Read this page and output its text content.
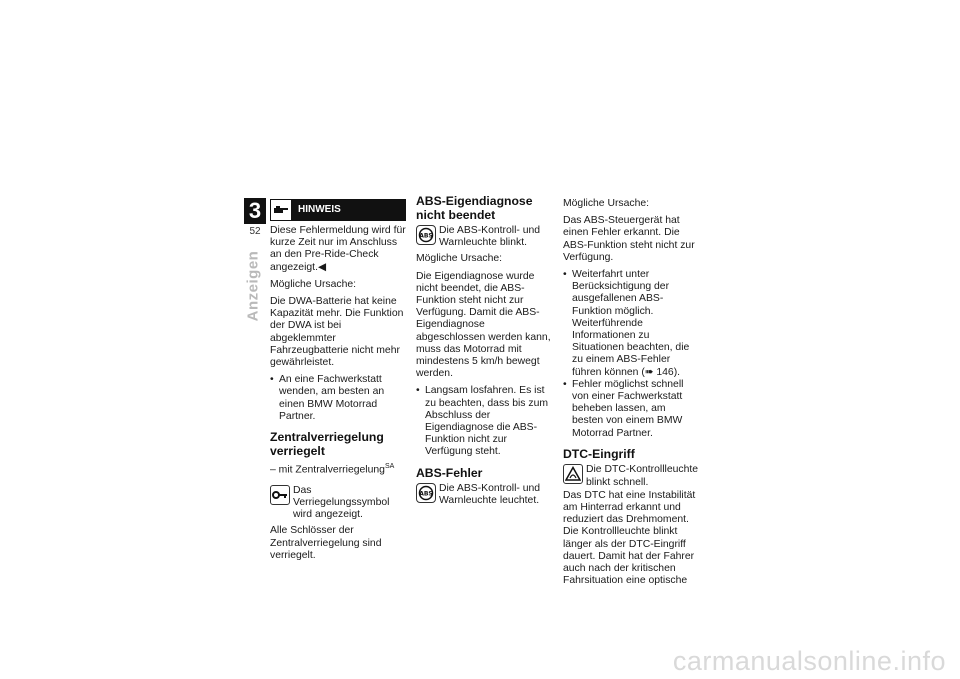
3
52
Anzeigen
HINWEIS

Diese Fehlermeldung wird für kurze Zeit nur im Anschluss an den Pre-Ride-Check angezeigt.◀

Mögliche Ursache:

Die DWA-Batterie hat keine Kapazität mehr. Die Funktion der DWA ist bei abgeklemmter Fahrzeugbatterie nicht mehr gewährleistet.

• An eine Fachwerkstatt wenden, am besten an einen BMW Motorrad Partner.
Zentralverriegelung verriegelt

– mit Zentralverriegelung$^{SA}$

Das Verriegelungssymbol wird angezeigt.

Alle Schlösser der Zentralverriegelung sind verriegelt.

ABS-Eigendiagnose nicht beendet
ABS Die ABS-Kontroll- und Warnleuchte blinkt.

Mögliche Ursache:

Die Eigendiagnose wurde nicht beendet, die ABS-Funktion steht nicht zur Verfügung. Damit die ABS-Eigendiagnose abgeschlossen werden kann, muss das Motorrad mit mindestens 5 km/h bewegt werden.

• Langsam losfahren. Es ist zu beachten, dass bis zum Abschluss der Eigendiagnose die ABS-Funktion nicht zur Verfügung steht.
ABS-Fehler
ABS Die ABS-Kontroll- und Warnleuchte leuchtet.

Mögliche Ursache:

Das ABS-Steuergerät hat einen Fehler erkannt. Die ABS-Funktion steht nicht zur Verfügung.

• Weiterfahrt unter Berücksichtigung der ausgefallenen ABS-Funktion möglich. Weiterführende Informationen zu Situationen beachten, die zu einem ABS-Fehler führen können (➠ 146).
• Fehler möglichst schnell von einer Fachwerkstatt beheben lassen, am besten von einem BMW Motorrad Partner.
DTC-Eingriff
Die DTC-Kontrollleuchte blinkt schnell.

Das DTC hat eine Instabilität am Hinterrad erkannt und reduziert das Drehmoment. Die Kontrollleuchte blinkt länger als der DTC-Eingriff dauert. Damit hat der Fahrer auch nach der kritischen Fahrsituation eine optische

carmanualsonline.info
